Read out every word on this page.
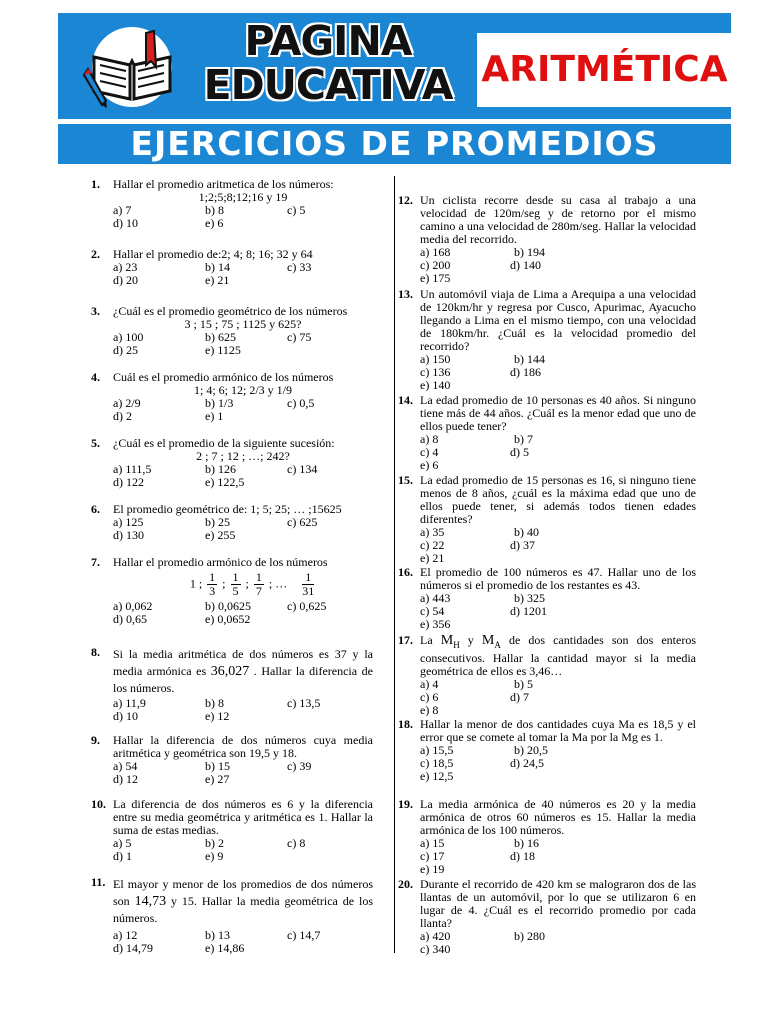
PAGINA
EDUCATIVA ARITMÉTICA
EJERCICIOS DE PROMEDIOS
1. Hallar el promedio aritmetica de los números:
1;2;5;8;12;16 y 19
a) 7	b) 8	c) 5
d) 10	e) 6
2. Hallar el promedio de:2; 4; 8; 16; 32 y 64
a) 23	b) 14	c) 33
d) 20	e) 21
3. ¿Cuál es el promedio geométrico de los números
3 ; 15 ; 75 ; 1125 y 625?
a) 100	b) 625	c) 75
d) 25	e) 1125
4. Cuál es el promedio armónico de los números
1; 4; 6; 12; 2/3 y 1/9
a) 2/9	b) 1/3	c) 0,5
d) 2	e) 1
5. ¿Cuál es el promedio de la siguiente sucesión:
2 ; 7 ; 12 ; …; 242?
a) 111,5	b) 126	c) 134
d) 122	e) 122,5
6. El promedio geométrico de: 1; 5; 25; … ;15625
a) 125	b) 25	c) 625
d) 130	e) 255
7. Hallar el promedio armónico de los números
1 ; $\frac{1}{3}$ ; $\frac{1}{5}$ ; $\frac{1}{7}$ ; … $\frac{1}{31}$
a) 0,062	b) 0,0625	c) 0,625
d) 0,65	e) 0,0652
8. Si la media aritmética de dos números es 37 y la media armónica es 36,027 . Hallar la diferencia de los números.
a) 11,9	b) 8	c) 13,5
d) 10	e) 12
9. Hallar la diferencia de dos números cuya media aritmética y geométrica son 19,5 y 18.
a) 54	b) 15	c) 39
d) 12	e) 27
10. La diferencia de dos números es 6 y la diferencia entre su media geométrica y aritmética es 1. Hallar la suma de estas medias.
a) 5	b) 2	c) 8
d) 1	e) 9
11. El mayor y menor de los promedios de dos números son 14,73 y 15. Hallar la media geométrica de los números.
a) 12	b) 13	c) 14,7
d) 14,79	e) 14,86
12. Un ciclista recorre desde su casa al trabajo a una velocidad de 120m/seg y de retorno por el mismo camino a una velocidad de 280m/seg. Hallar la velocidad media del recorrido.
a) 168	b) 194
c) 200	d) 140
e) 175
13. Un automóvil viaja de Lima a Arequipa a una velocidad de 120km/hr y regresa por Cusco, Apurimac, Ayacucho llegando a Lima en el mismo tiempo, con una velocidad de 180km/hr. ¿Cuál es la velocidad promedio del recorrido?
a) 150	b) 144
c) 136	d) 186
e) 140
14. La edad promedio de 10 personas es 40 años. Si ninguno tiene más de 44 años. ¿Cuál es la menor edad que uno de ellos puede tener?
a) 8	b) 7
c) 4	d) 5
e) 6
15. La edad promedio de 15 personas es 16, si ninguno tiene menos de 8 años, ¿cuál es la máxima edad que uno de ellos puede tener, si además todos tienen edades diferentes?
a) 35	b) 40
c) 22	d) 37
e) 21
16. El promedio de 100 números es 47. Hallar uno de los números si el promedio de los restantes es 43.
a) 443	b) 325
c) 54	d) 1201
e) 356
17. La $M_H$ y $M_A$ de dos cantidades son dos enteros consecutivos. Hallar la cantidad mayor si la media geométrica de ellos es 3,46…
a) 4	b) 5
c) 6	d) 7
e) 8
18. Hallar la menor de dos cantidades cuya Ma es 18,5 y el error que se comete al tomar la Ma por la Mg es 1.
a) 15,5	b) 20,5
c) 18,5	d) 24,5
e) 12,5
19. La media armónica de 40 números es 20 y la media armónica de otros 60 números es 15. Hallar la media armónica de los 100 números.
a) 15	b) 16
c) 17	d) 18
e) 19
20. Durante el recorrido de 420 km se malograron dos de las llantas de un automóvil, por lo que se utilizaron 6 en lugar de 4. ¿Cuál es el recorrido promedio por cada llanta?
a) 420	b) 280
c) 340
